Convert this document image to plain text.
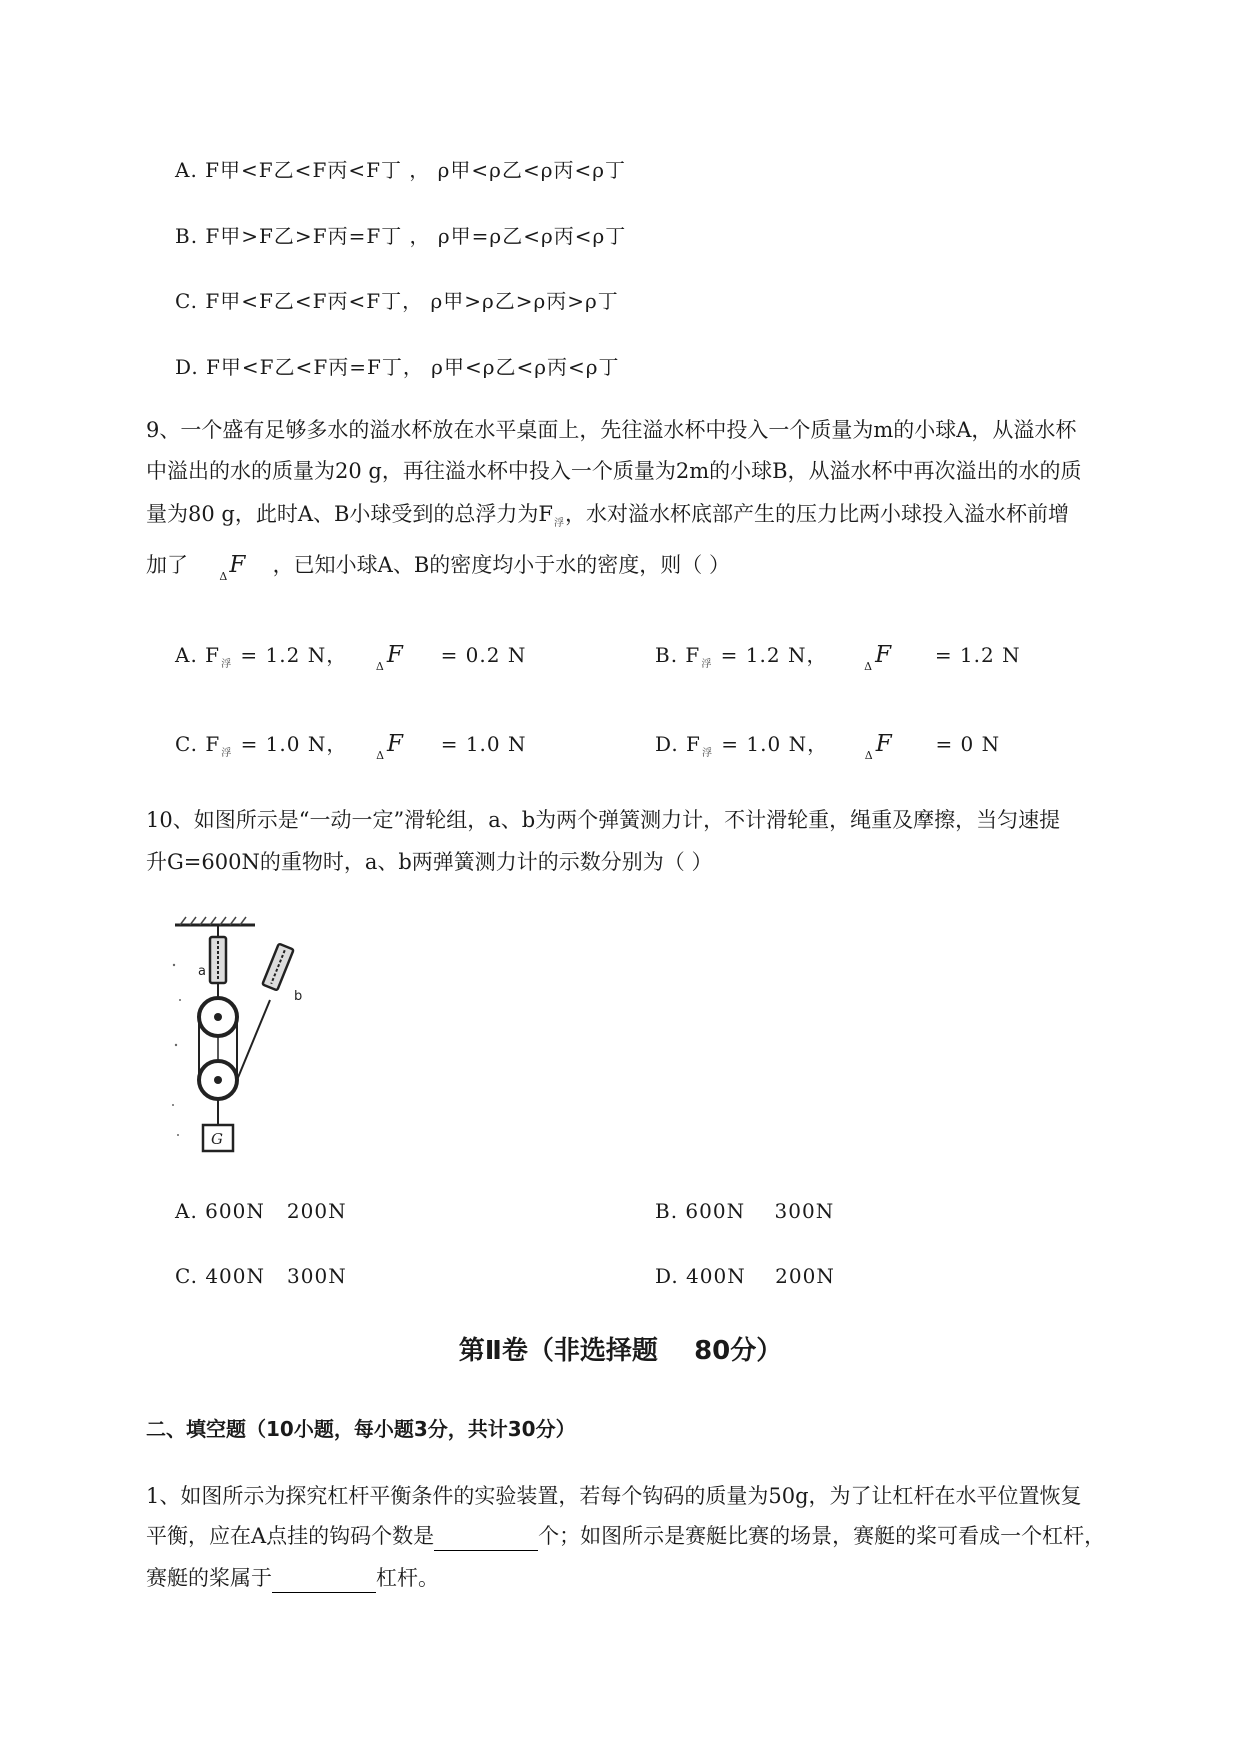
A. F甲<F乙<F丙<F丁 ， ρ甲<ρ乙<ρ丙<ρ丁
B. F甲>F乙>F丙=F丁 ， ρ甲=ρ乙<ρ丙<ρ丁
C. F甲<F乙<F丙<F丁， ρ甲>ρ乙>ρ丙>ρ丁
D. F甲<F乙<F丙=F丁， ρ甲<ρ乙<ρ丙<ρ丁
9、一个盛有足够多水的溢水杯放在水平桌面上，先往溢水杯中投入一个质量为m的小球A，从溢水杯
中溢出的水的质量为20 g，再往溢水杯中投入一个质量为2m的小球B，从溢水杯中再次溢出的水的质
量为80 g，此时A、B小球受到的总浮力为$F_浮$，水对溢水杯底部产生的压力比两小球投入溢水杯前增
加了	$_\Delta$F ，已知小球A、B的密度均小于水的密度，则（ ）
A. $F_浮 = 1.2$ N，	$_\Delta$F = 0.2 N	B. $F_浮 = 1.2$ N，	$_\Delta$F = 1.2 N
C. $F_浮 = 1.0$ N，	$_\Delta$F = 1.0 N	D. $F_浮 = 1.0$ N，	$_\Delta$F = 0 N
10、如图所示是“一动一定”滑轮组，a、b为两个弹簧测力计，不计滑轮重，绳重及摩擦，当匀速提
升G=600N的重物时，a、b两弹簧测力计的示数分别为（ ）
a
b
G
A. 600N   200N	B. 600N    300N
C. 400N   300N	D. 400N    200N
第Ⅱ卷（非选择题    80分）
二、填空题（10小题，每小题3分，共计30分）
1、如图所示为探究杠杆平衡条件的实验装置，若每个钩码的质量为50g，为了让杠杆在水平位置恢复
平衡，应在A点挂的钩码个数是	个；如图所示是赛艇比赛的场景，赛艇的桨可看成一个杠杆，
赛艇的桨属于	杠杆。
